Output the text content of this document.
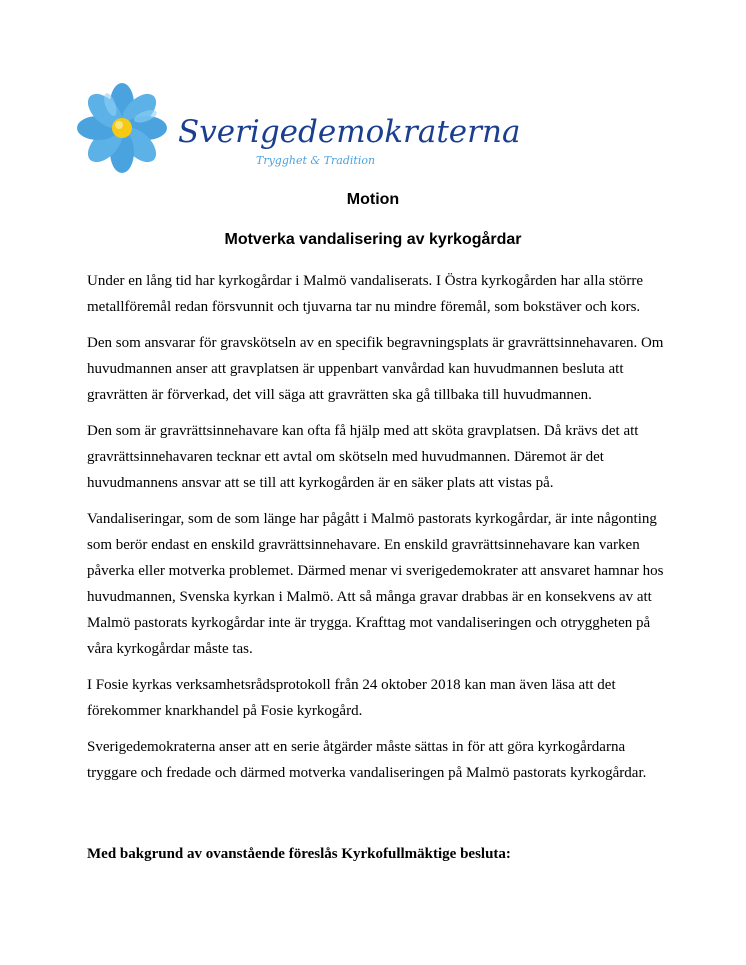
Sverigedemokraterna
Trygghet & Tradition
Motion
Motverka vandalisering av kyrkogårdar

Under en lång tid har kyrkogårdar i Malmö vandaliserats. I Östra kyrkogården har alla större metallföremål redan försvunnit och tjuvarna tar nu mindre föremål, som bokstäver och kors.

Den som ansvarar för gravskötseln av en specifik begravningsplats är gravrättsinnehavaren. Om huvudmannen anser att gravplatsen är uppenbart vanvårdad kan huvudmannen besluta att gravrätten är förverkad, det vill säga att gravrätten ska gå tillbaka till huvudmannen.

Den som är gravrättsinnehavare kan ofta få hjälp med att sköta gravplatsen. Då krävs det att gravrättsinnehavaren tecknar ett avtal om skötseln med huvudmannen. Däremot är det huvudmannens ansvar att se till att kyrkogården är en säker plats att vistas på.

Vandaliseringar, som de som länge har pågått i Malmö pastorats kyrkogårdar, är inte någonting som berör endast en enskild gravrättsinnehavare. En enskild gravrättsinnehavare kan varken påverka eller motverka problemet. Därmed menar vi sverigedemokrater att ansvaret hamnar hos huvudmannen, Svenska kyrkan i Malmö. Att så många gravar drabbas är en konsekvens av att Malmö pastorats kyrkogårdar inte är trygga. Krafttag mot vandaliseringen och otryggheten på våra kyrkogårdar måste tas.

I Fosie kyrkas verksamhetsrådsprotokoll från 24 oktober 2018 kan man även läsa att det förekommer knarkhandel på Fosie kyrkogård.

Sverigedemokraterna anser att en serie åtgärder måste sättas in för att göra kyrkogårdarna tryggare och fredade och därmed motverka vandaliseringen på Malmö pastorats kyrkogårdar.

Med bakgrund av ovanstående föreslås Kyrkofullmäktige besluta:
